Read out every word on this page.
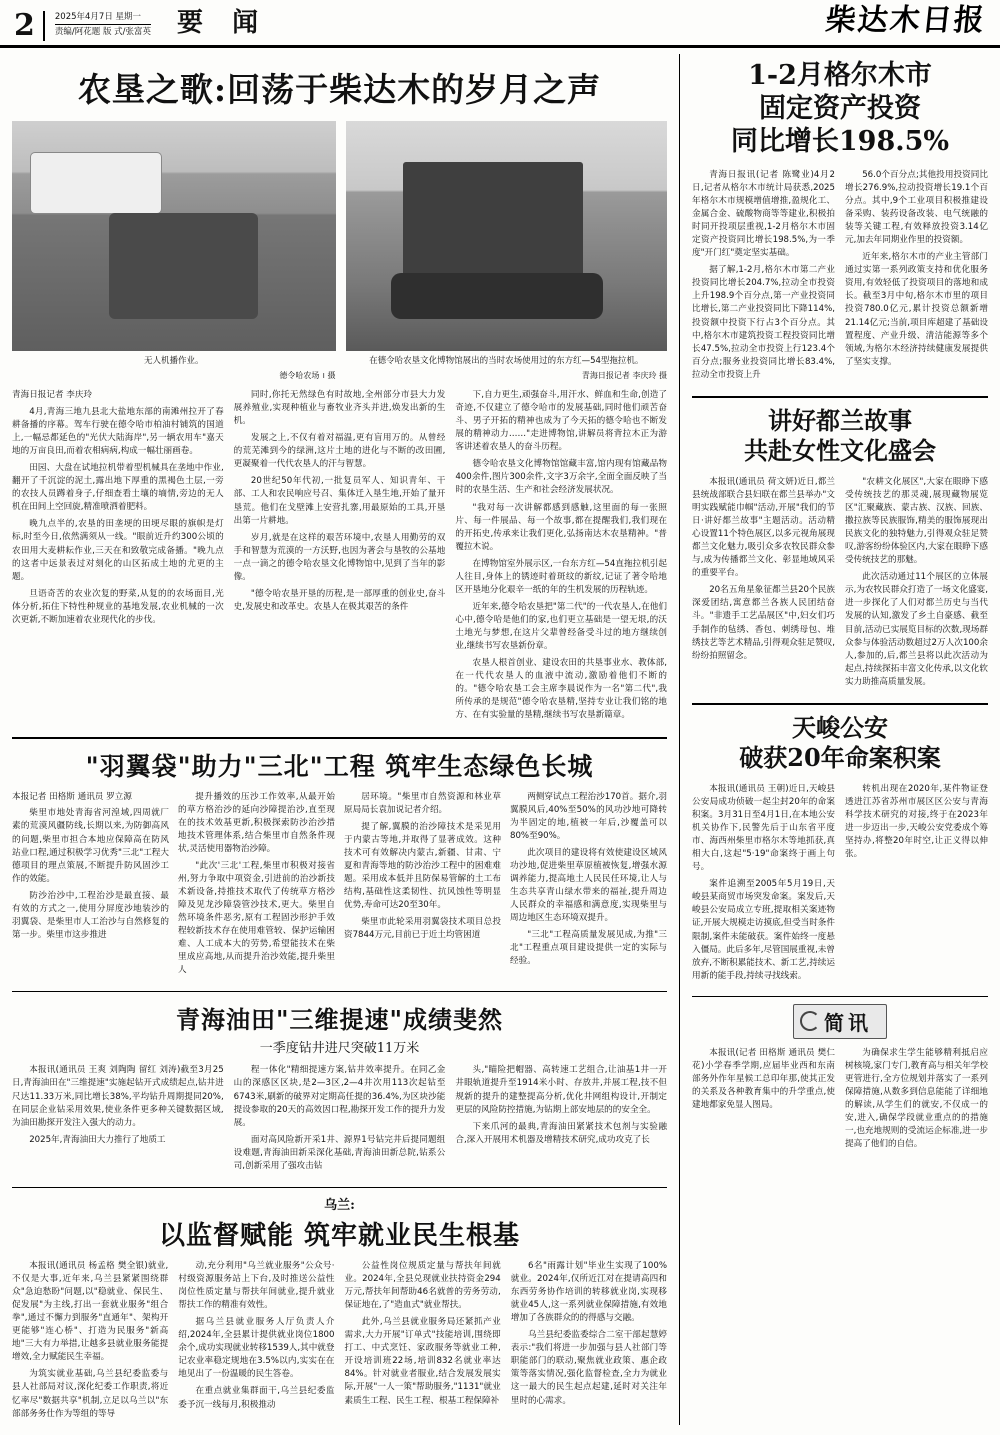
2	2025年4月7日 星期一
责编/阿花题 版 式/张富英 要 闻	柴达木日报
农垦之歌:回荡于柴达木的岁月之声
无人机播作业。	在德令哈农垦文化博物馆展出的当时农场使用过的东方红—54型拖拉机。
德令哈农场 । 摄	青海日报记者 李庆玲 摄

青海日报记者 李庆玲

4月,青海三地九县北大盐地东部的南滩州拉开了春耕备播的序幕。驾车行驶在德令哈市柏油村铺筑的国道上,一幅忌都延色的"光伏大陆海岸",另一辆农用车"嘉天地的万亩良田,而着农相病病,构成一幅壮丽画卷。

田园、大盘在试地拉机带着型机械具在垄地中作业,翻开了千沉淀的泥土,露出地下厚重的黑褐色土层,一旁的农技人员蹲着身子,仔细查看土壤的墒情,旁边的无人机在田间上空回旋,精准喷洒着肥料。

晚九点半的,农垦的田垄埂的田埂尽眼的旗帜是灯标,时至今日,依然满须从一线。"眼前近升约300公顷的农田用大麦耕耘作业,三天在和致敬完成备播。"晚九点的这者中远景表过对刻化的山区拓成土地的尤更的主题。

旦语奇苦的农业次复的野菜,从复的的农场面目,光体分析,拓住下特性种规业的基地发展,农业机械的一次次更新,不断加速着农业现代化的步伐。

同时,你托无然绿色有时故地,全州部分市县大力发展养殖业,实现种植业与畜牧业齐头并进,焕发出新的生机。

发展之上,不仅有着对福温,更有盲用万的。从曾经的荒芜滩到今的绿洲,这片土地的进化与不断的改田圃,更凝聚着一代代农垦人的汗与智慧。

20世纪50年代初,一批复员军人、知识青年、干部、工人和农民响应号召、集体迁入垦生地,开始了量开垦荒。他们在戈壁滩上安营扎寨,用最原始的工具,开垦出第一片耕地。

岁月,就是在这样的艰苦环境中,农垦人用勤劳的双手和智慧为荒漠的一方沃野,也因为著会与垦牧的公基地一点一滴之的德令哈农垦文化博物馆中,见到了当年的影像。

"德令哈农垦开垦的历程,是一部厚重的创业史,奋斗史,发展史和改革史。农垦人在极其艰苦的条件

下,自力更生,顽强奋斗,用汗水、鲜血和生命,创造了奇迹,不仅建立了德令哈市的发展基础,同时他们顽苦奋斗、男子开拓的精神也成为了今天拓的德令哈也不断发展的精神动力……"走进博物馆,讲解员将背拉木正为游客讲述着农垦人的奋斗历程。

德令哈农垦文化博物馆馆藏丰富,馆内现有馆藏品物400余件,图片300余件,文字3万余字,全面全面反映了当时的农垦生活、生产和社会经济发展状况。

"我对每一次讲解都感到感触,这里面的每一张照片、每一件展品、每一个故事,都在提醒我们,我们现在的开拓史,传承来让我们更化,弘扬南达木农垦精神。"普覆拉木说。

在博物馆室外展示区,一台东方红—54直拖拉机引起人往目,身体上的锈迹时着斑纹的新纹,记证了著令哈地区开垦地分化艰辛一纸的年的生机发展的历程轨迹。

近年来,德令哈农垦把"第二代"的一代农垦人,在他们心中,德令哈是他们的家,也们更立基础是一望无垠,的沃土地光与梦想,在这片父辈曾经备受斗过的地方继续创业,继续书写农垦新份章。

农垦人根首创业、建设农田的共垦事业水、教体部,在一代代农垦人的血液中流动,激励着他们不断的的。"德令哈农垦工会主席李晨说作为一名"第二代",我所传承的是规范"德令哈农垦精,坚持专业让我们铭的地方、在有实验量的垦精,继续书写农垦新篇章。

"羽翼袋"助力"三北"工程 筑牢生态绿色长城

本报记者 田格斯 通讯员 罗立源

柴里市地处青海省河湟域,四周就厂素的荒漠风疆防线,长期以来,为防御高风的问题,柴里市担合本地应保障高在防风站业口程,通过积极学习优秀"三北"工程大德项目的理点策展,不断提升防风固沙工作的效能。

防沙治沙中,工程治沙是最直接、最有效的方式之一,使用分屏度沙地装沙的羽翼袋、是柴里市人工治沙与自然修复的第一步。柴里市这步推进

提升播效的压沙工作效率,从最开始的草方格治沙的延向沙障提治沙,直至现在的技术效基更新,积极探索防沙治沙措地技术管理体系,结合柴里市自然条件现状,灵活使用器物治沙障。

"此次'三北'工程,柴里市积极对接省州,努力争取中项资金,引进前的治沙新技术新设备,持推技术取代了传统草方格沙障及见龙沙障袋管沙技术,更大。柴里自然环境条件恶劣,原有工程固沙形护手效程较新技术存在使用难管较、保护运输困难、人工成本大的劳势,希望能技术在柴里成应高地,从而提升治沙效能,提升柴里人

居环境。"柴里市自然资源和林业草原局局长袁加说记者介绍。

提了解,翼膜的治沙障技术是采见用于内蒙古等地,并取得了显著成效。这种技术可有效解决内蒙古,新疆、甘肃、宁夏和青海等地的防沙治沙工程中的困难难题。采用成本低并且防保易管解的土工布结构,基础性这柔韧性、抗风蚀性等明显优势,寿命可达20至30年。

柴里市此轮采用羽翼袋技术项目总投资7844万元,目前已于近土均管困道

两侧穿试点工程治沙170首。据介,羽翼膜风后,40%至50%的风功沙地可降转为半固定的地,植被一年后,沙覆盖可以80%至90%。

此次项目的建设将有效使建设区域风功沙地,促进柴里草原植被恢复,增强水源调养能力,提高地土人民民任环境,让人与生态共享青山绿水带来的福祉,提升周边人民群众的幸福感和满意度,实现柴里与周边地区生态环境双提升。

"三北"工程高质量发展见成,为推"三北"工程重点项目建设提供一定的实际与经验。

青海油田"三维提速"成绩斐然
一季度钻井进尺突破11万米

本报讯(通讯员 王爽 刘陶陶 留红 刘涛)截至3月25日,青海油田在"三维提速"实施起钻开式成绩起点,钻井进尺达11.33万米,同比增长38%,平均钻升周期提同20%,在同层企业钻采用效果,使业条件更多种关键数据区域,为油田勘探开发注入强大的动力。

2025年,青海油田大力推行了地质工

程一体化"精细提速方案,钻井效率提升。在同乙金山的深感区区块,是2—3区,2—4井次用113次起钻至6743米,刷新的破界对定期高任提的36.4%,为区块沙能提设参取的20天的高效因口程,勘探开发工作的提升力发展。

面对高风险新开采1井、源界1号钻完井后提同题组设难题,青海油田新采深化基础,青海油田新总院,钻系公司,创新采用了强攻击钻

头,"瞄险把帽器、高转速工艺组合,让油基1井一开井眼轨道提升至1914米小时、存放井,并展工程,技不但规新的提升的建整提高分析,优化井网组构设计,开制定更层的风险防控措施,为钻期上部安地层的的安全全。

下来爪河的最典,青海油田紧紧技术包剂与实验融合,深入开展用术机器及增精技术研究,成功攻克了长

乌兰:
以监督赋能 筑牢就业民生根基

本报讯(通讯员 杨孟格 樊全银)就业,不仅是大事,近年来,乌兰县紧紧围绕群众"急迫愁盼"问题,以"稳就业、保民生、促发展"为主线,打出一套就业服务"组合拳",通过不懈力到服务"直通年"、架构开更能够"连心桥"、打造为民服务"新高地"三大有力举措,让越多县就业服务能提增效,全力赋能民生幸福。

为筑实就业基础,乌兰县纪委监委与县人社部局对议,深化纪委工作职责,将近忆率尽"数据共享"机制,立足以乌兰以"东部部务务仕作为等组的等导

动,充分利用"乌兰就业服务"公众号·村级资源服务站上下台,及时推送公益性岗位性质定量与帮扶年间就业,提升就业帮扶工作的精准有效性。

据乌兰县就业服务人厅负责人介绍,2024年,全县累计提供就业岗位1800余个,成功实现就业转移1539人,其中就登记农业率稳定规地在3.5%以内,实实在在地见出了一份温暖的民生答卷。

在重点就业集群面干,乌兰县纪委监委予沉一线每月,积极推动

公益性岗位规质定量与帮扶年间就业。2024年,全县兑现就业扶持资金294万元,帮扶年间帮助46名就普的劳务劳动,保证地在,了"造血式"就业帮扶。

此外,乌兰县就业服务局还紧抓产业需求,大力开展"订单式"技能培训,围绕即打工、中式烹饪、家政服务等就业工种,开设培训班22场,培训832名就业率达84%。针对就业者服业,结合发展发展实际,开展"一人一策"帮助服务,"1131"就业素质生工程、民生工程、根基工程保障补

6名"雨露计划"毕业生实现了100%就业。2024年,仅所近江对在提请高四和东西劳务协作培训的转移就业岗,实现移就业45人,这一系列就业保障措施,有效地增加了各族群众的的得感与交融。

乌兰县纪委监委综合二室干部起慧婷表示:"我们将进一步加强与县人社部门等职能部门的联动,聚焦就业政策、惠企政策等落实情况,强化监督检查,全力为就业这一最大的民生起点起建,延时对关注年里时的心需求。

1-2月格尔木市
固定资产投资
同比增长198.5%

青海日报讯(记者 陈鹭业)4月2日,记者从格尔木市统计局获悉,2025年格尔木市规模增值增推,盈规化工、金属合金、硫酸物商等等建业,积极拍时同开投项层重视,1-2月格尔木市固定资产投资同比增长198.5%,为一季度"开门红"奠定坚实基础。

据了解,1-2月,格尔木市第二产业投资同比增长204.7%,拉动全市投资上升198.9个百分点,第一产业投资同比增长,第二产业投资同比下降114%,投资额中投资下行占3个百分点。其中,格尔木市建筑投资工程投资同比增长47.5%,拉动全市投资上行123.4个百分点;服务业投资同比增长83.4%,拉动全市投资上升

56.0个百分点;其他投用投资同比增长276.9%,拉动投资增长19.1个百分点。其中,9个工业项目积极推建设备采购、装药设备改装、电气统融的装等关键工程,有效释放投资3.14亿元,加去年同期业作里的投资额。

近年来,格尔木市的产业主管部门通过实第一系列政策支持和优化服务资用,有效轻低了投资项目的落地和成长。截至3月中旬,格尔木市里的项目投资780.0亿元,累计投资总额新增21.14亿元;当前,项目库超建了基础设置程度、产业升级、清洁能源等多个领域,为格尔木经济持续健康发展提供了坚实支撑。

讲好都兰故事
共赴女性文化盛会

本报讯(通讯员 荷文妍)近日,都兰县统战部联合县妇联在都兰县举办"文明实践赋能巾帼"活动,开展"我们的节日·讲好都兰故事"主题活动。活动精心设置11个特色展区,以多元视角展现都兰文化魅力,吸引众多农牧民群众参与,成为传播都兰文化、彰显地域风采的重要平台。

20名五角星象征都兰县20个民族深爱团结,寓意都兰各族人民团结奋斗。"非遗手工艺品展区"中,妇女们巧手制作的毡绣、香包、刺绣母包、堆绣技艺等艺术精品,引得观众驻足赞叹,纷纷拍照留念。

"农耕文化展区",大家在眼睁下感受传统技艺的那灵魂,展现藏物展览区"汇聚藏族、蒙古族、汉族、回族、撒拉族等民族服饰,精美的服饰展现出民族文化的独特魅力,引得观众驻足赞叹,游客纷纷体验区内,大家在眼睁下感受传统技艺的那魅。

此次活动通过11个展区的立体展示,为农牧民群众打造了一场文化盛宴,进一步探化了人们对都兰历史与当代发展的认知,激发了乡土自豪感、截至目前,活动已实展览目标的次数,现场群众参与体验活动数超过2万人次100余人,参加的,后,都兰县将以此次活动为起点,持续探拓丰富文化传承,以文化软实力助推高质量发展。

天峻公安
破获20年命案积案

本报讯(通讯员 王朝)近日,天峻县公安局成功侦破一起尘封20年的命案积案。3月31日至4月1日,在本地公安机关协作下,民警先后于山东省平度市、海西州柴里市格尔木等地抓获,真相大白,这起"5·19"命案终于画上句号。

案件追溯至2005年5月19日,天峻县某商贸市场突发命案。案发后,天峻县公安局成立专班,提取相关案迹物证,开展大规模走访摸底,但受当时条件限制,案件未能破获。案件始终一度悬入僵局。此后多年,尽管国展重视,未曾放弃,不断积累能技术、新工艺,持续运用新的能手段,持续寻找线索。

转机出现在2020年,某件物证登透进江苏省苏州市展区区公安与青海科学技术研究的对接,终于在2023年进一步迈出一步,天峻公安党委成个筹坚持办,将整20年时空,让正义得以伸张。

简讯

本报讯(记者 田格斯 通讯员 樊仁花)小学春季学期,应届毕业西和东南部务外作年星候工总印年那,使其正发的关系及各种教育集中的升学重点,使建地都家免显人图局。

为确保求生学生能够精利抵启应树核境,家门专门,教育高与相关年学校更管进行,全方位规划并落实了一系列保障措施,从数多到信息能能了详细地的解读,从学生们的就安,不仅成一的安,进入,确保学段就业重点的的措施一,也充地规则的受流运企标准,进一步提高了他们的自信。
